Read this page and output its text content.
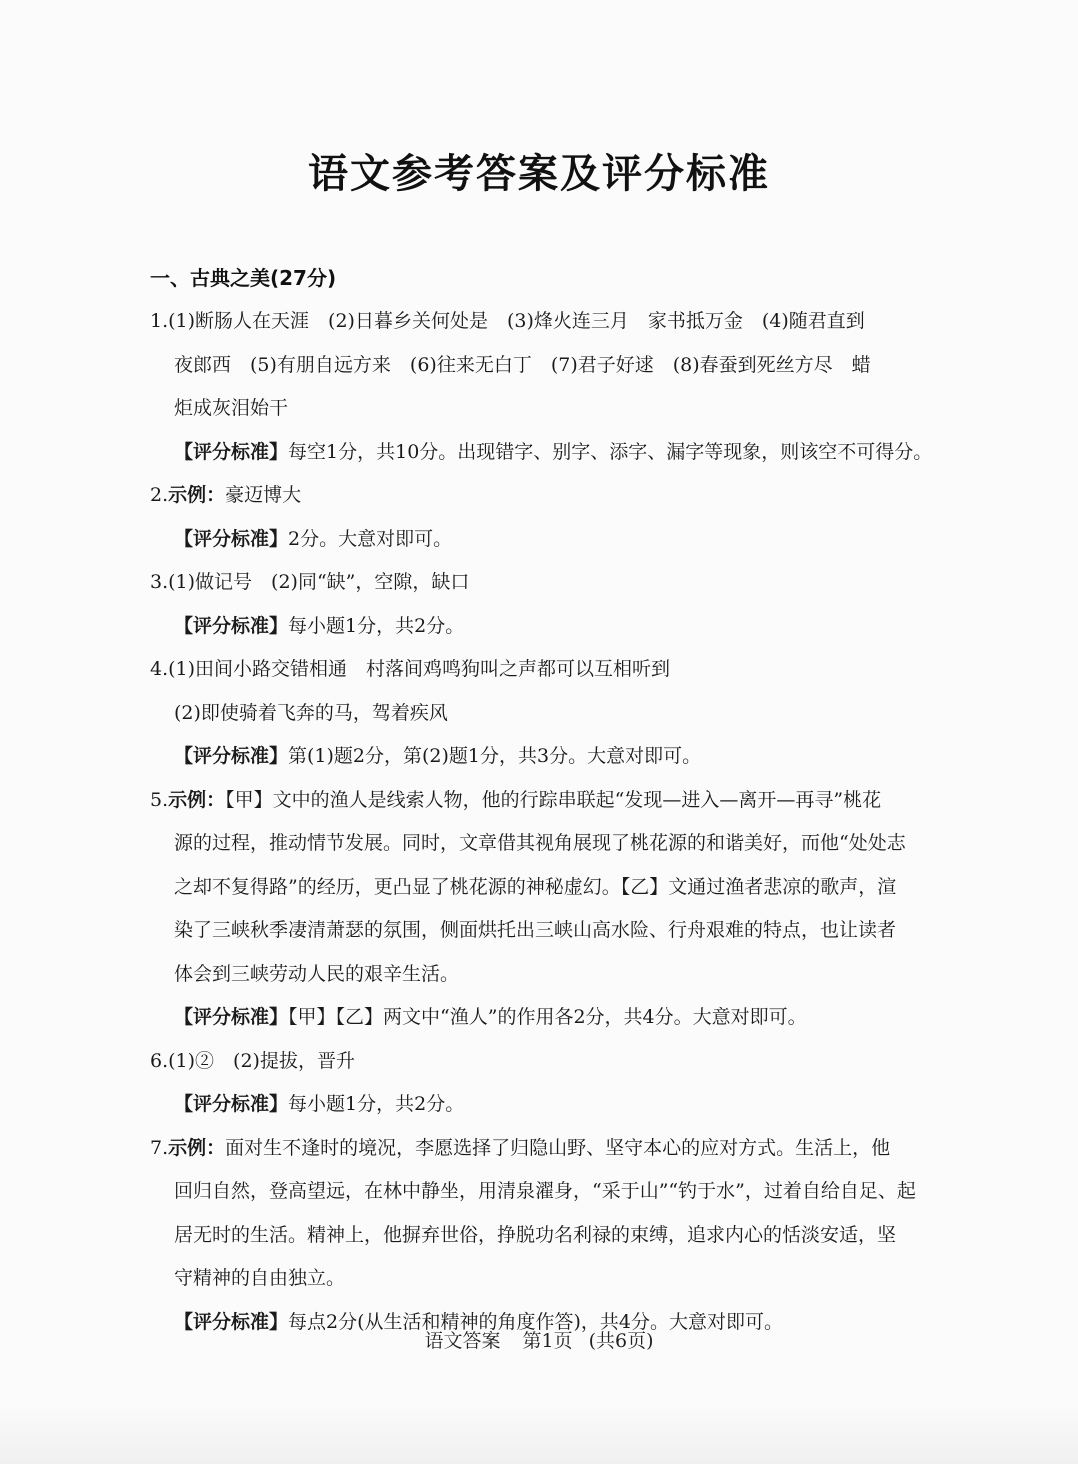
语文参考答案及评分标准
一、古典之美(27分)
1.(1)断肠人在天涯　(2)日暮乡关何处是　(3)烽火连三月　家书抵万金　(4)随君直到
夜郎西　(5)有朋自远方来　(6)往来无白丁　(7)君子好逑　(8)春蚕到死丝方尽　蜡
炬成灰泪始干
【评分标准】每空1分，共10分。出现错字、别字、添字、漏字等现象，则该空不可得分。
2.示例：豪迈博大
【评分标准】2分。大意对即可。
3.(1)做记号　(2)同“缺”，空隙，缺口
【评分标准】每小题1分，共2分。
4.(1)田间小路交错相通　村落间鸡鸣狗叫之声都可以互相听到
(2)即使骑着飞奔的马，驾着疾风
【评分标准】第(1)题2分，第(2)题1分，共3分。大意对即可。
5.示例：【甲】文中的渔人是线索人物，他的行踪串联起“发现—进入—离开—再寻”桃花
源的过程，推动情节发展。同时，文章借其视角展现了桃花源的和谐美好，而他“处处志
之却不复得路”的经历，更凸显了桃花源的神秘虚幻。【乙】文通过渔者悲凉的歌声，渲
染了三峡秋季凄清萧瑟的氛围，侧面烘托出三峡山高水险、行舟艰难的特点，也让读者
体会到三峡劳动人民的艰辛生活。
【评分标准】【甲】【乙】两文中“渔人”的作用各2分，共4分。大意对即可。
6.(1)②　(2)提拔，晋升
【评分标准】每小题1分，共2分。
7.示例：面对生不逢时的境况，李愿选择了归隐山野、坚守本心的应对方式。生活上，他
回归自然，登高望远，在林中静坐，用清泉濯身，“采于山”“钓于水”，过着自给自足、起
居无时的生活。精神上，他摒弃世俗，挣脱功名利禄的束缚，追求内心的恬淡安适，坚
守精神的自由独立。
【评分标准】每点2分(从生活和精神的角度作答)，共4分。大意对即可。
语文答案 第1页 (共6页)
